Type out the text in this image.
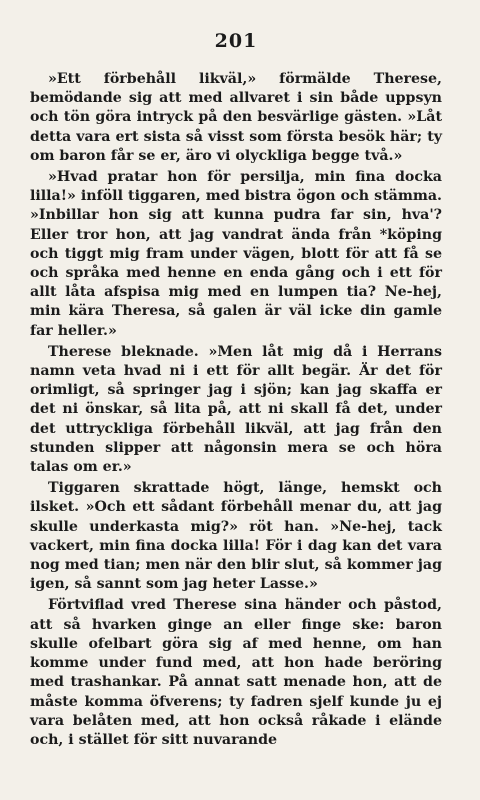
201

»Ett förbehåll likväl,» förmälde Therese, bemödande sig att med allvaret i sin både uppsyn och tön göra intryck på den besvärlige gästen. »Låt detta vara ert sista så visst som första besök här; ty om baron får se er, äro vi olyckliga begge två.»

»Hvad pratar hon för persilja, min fina docka lilla!» inföll tiggaren, med bistra ögon och stämma. »Inbillar hon sig att kunna pudra far sin, hva'? Eller tror hon, att jag vandrat ända från *köping och tiggt mig fram under vägen, blott för att få se och språka med henne en enda gång och i ett för allt låta afspisa mig med en lumpen tia? Ne-hej, min kära Theresa, så galen är väl icke din gamle far heller.»

Therese bleknade. »Men låt mig då i Herrans namn veta hvad ni i ett för allt begär. Är det för orimligt, så springer jag i sjön; kan jag skaffa er det ni önskar, så lita på, att ni skall få det, under det uttryckliga förbehåll likväl, att jag från den stunden slipper att någonsin mera se och höra talas om er.»

Tiggaren skrattade högt, länge, hemskt och ilsket. »Och ett sådant förbehåll menar du, att jag skulle underkasta mig?» röt han. »Ne-hej, tack vackert, min fina docka lilla! För i dag kan det vara nog med tian; men när den blir slut, så kommer jag igen, så sannt som jag heter Lasse.»

Förtviflad vred Therese sina händer och påstod, att så hvarken ginge an eller finge ske: baron skulle ofelbart göra sig af med henne, om han komme under fund med, att hon hade beröring med trashankar. På annat satt menade hon, att de måste komma öfverens; ty fadren sjelf kunde ju ej vara belåten med, att hon också råkade i elände och, i stället för sitt nuvarande
